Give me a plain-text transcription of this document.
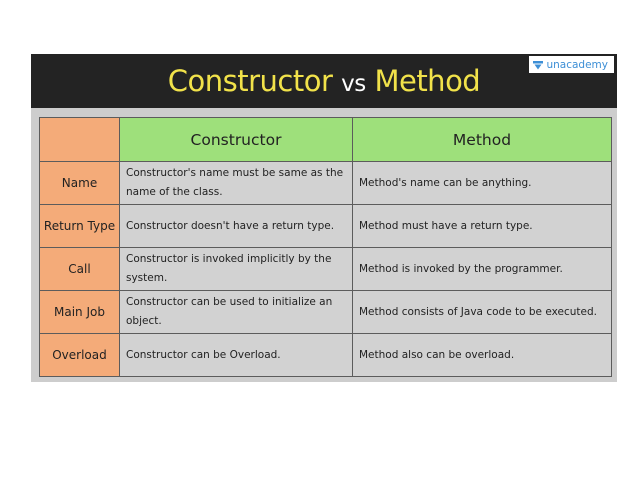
Constructor vs Method	unacademy
	Constructor	Method
Name	Constructor's name must be same as the name of the class.	Method's name can be anything.
Return Type	Constructor doesn't have a return type.	Method must have a return type.
Call	Constructor is invoked implicitly by the system.	Method is invoked by the programmer.
Main Job	Constructor can be used to initialize an object.	Method consists of Java code to be executed.
Overload	Constructor can be Overload.	Method also can be overload.
